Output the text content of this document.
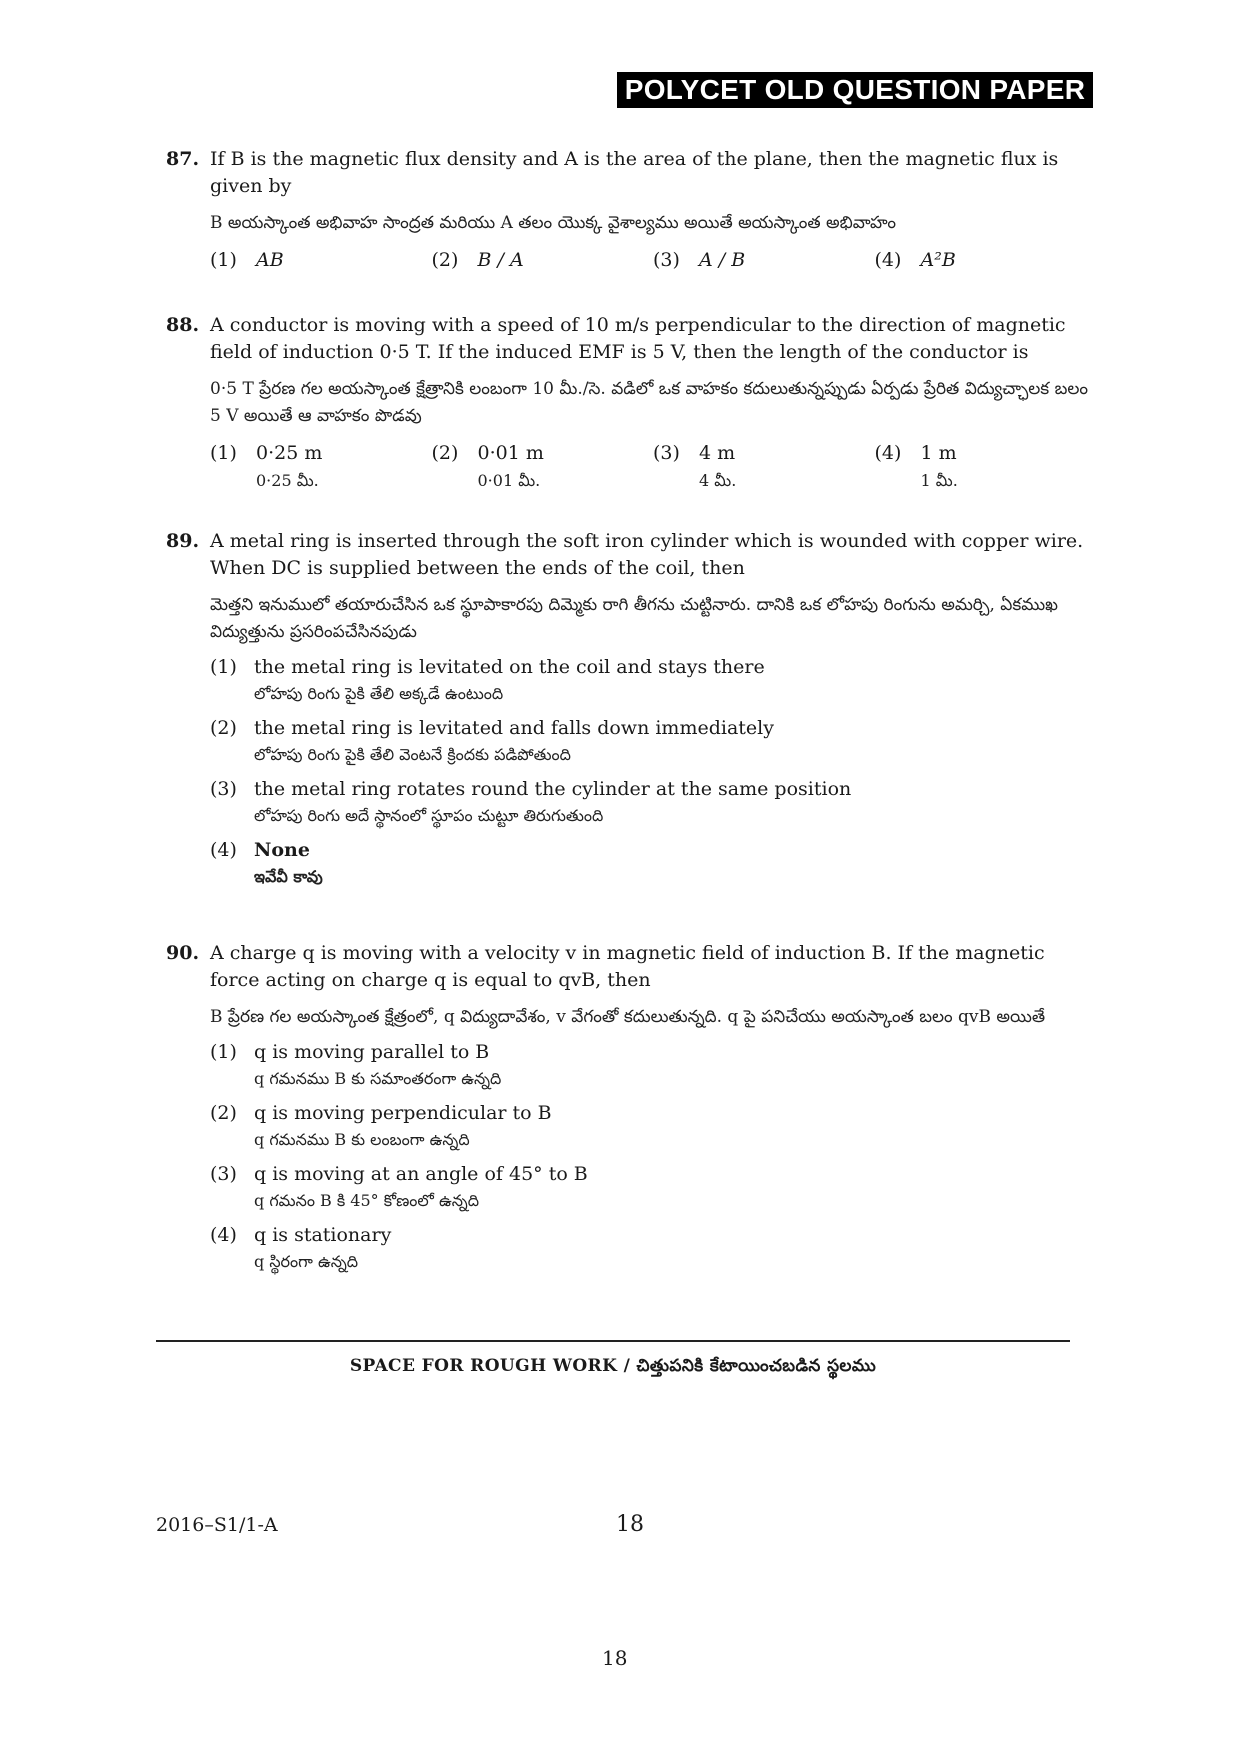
POLYCET OLD QUESTION PAPER
87. If B is the magnetic flux density and A is the area of the plane, then the magnetic flux is given by

B అయస్కాంత అభివాహ సాంద్రత మరియు A తలం యొక్క వైశాల్యము అయితే అయస్కాంత అభివాహం

(1)	AB	(2)	B / A	(3)	A / B	(4)	A²B
88. A conductor is moving with a speed of 10 m/s perpendicular to the direction of magnetic field of induction 0·5 T. If the induced EMF is 5 V, then the length of the conductor is

0·5 T ప్రేరణ గల అయస్కాంత క్షేత్రానికి లంబంగా 10 మీ./సె. వడిలో ఒక వాహకం కదులుతున్నప్పుడు ఏర్పడు ప్రేరిత విద్యుచ్ఛాలక బలం 5 V అయితే ఆ వాహకం పొడవు

(1)	0·25 m
0·25 మీ.
(2)	0·01 m
0·01 మీ.
(3)	4 m
4 మీ.
(4)	1 m
1 మీ.
89. A metal ring is inserted through the soft iron cylinder which is wounded with copper wire. When DC is supplied between the ends of the coil, then

మెత్తని ఇనుములో తయారుచేసిన ఒక స్థూపాకారపు దిమ్మెకు రాగి తీగను చుట్టినారు. దానికి ఒక లోహపు రింగును అమర్చి, ఏకముఖ విద్యుత్తును ప్రసరింపచేసినపుడు

(1) the metal ring is levitated on the coil and stays there
లోహపు రింగు పైకి తేలి అక్కడే ఉంటుంది
(2) the metal ring is levitated and falls down immediately
లోహపు రింగు పైకి తేలి వెంటనే క్రిందకు పడిపోతుంది
(3) the metal ring rotates round the cylinder at the same position
లోహపు రింగు అదే స్థానంలో స్థూపం చుట్టూ తిరుగుతుంది
(4) None
ఇవేవీ కావు
90. A charge q is moving with a velocity v in magnetic field of induction B. If the magnetic force acting on charge q is equal to qvB, then

B ప్రేరణ గల అయస్కాంత క్షేత్రంలో, q విద్యుదావేశం, v వేగంతో కదులుతున్నది. q పై పనిచేయు అయస్కాంత బలం qvB అయితే

(1) q is moving parallel to B
q గమనము B కు సమాంతరంగా ఉన్నది
(2) q is moving perpendicular to B
q గమనము B కు లంబంగా ఉన్నది
(3) q is moving at an angle of 45° to B
q గమనం B కి 45° కోణంలో ఉన్నది
(4) q is stationary
q స్థిరంగా ఉన్నది
SPACE FOR ROUGH WORK / చిత్తుపనికి కేటాయించబడిన స్థలము
2016–S1/1-A	18
18
